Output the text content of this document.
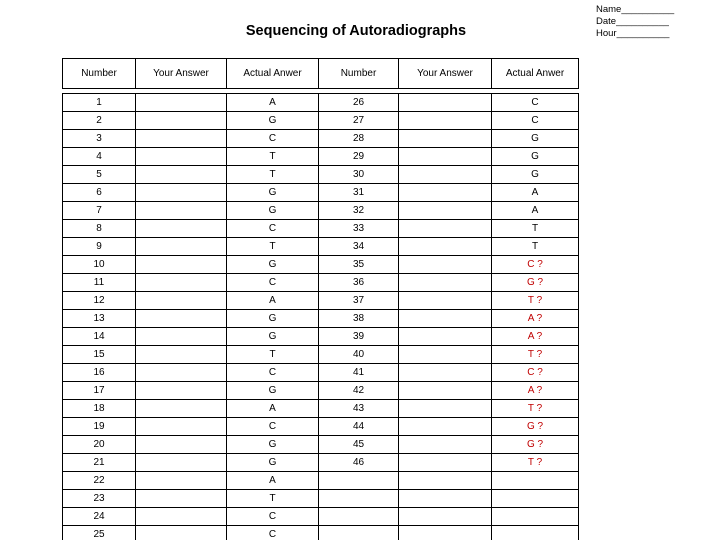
Name__________
Date__________
Hour__________
Sequencing of Autoradiographs
Number	Your Answer	Actual Anwer	Number	Your Answer	Actual Anwer
1		A	26		C
2		G	27		C
3		C	28		G
4		T	29		G
5		T	30		G
6		G	31		A
7		G	32		A
8		C	33		T
9		T	34		T
10		G	35		C ?
11		C	36		G ?
12		A	37		T ?
13		G	38		A ?
14		G	39		A ?
15		T	40		T ?
16		C	41		C ?
17		G	42		A ?
18		A	43		T ?
19		C	44		G ?
20		G	45		G ?
21		G	46		T ?
22		A			
23		T			
24		C			
25		C			
